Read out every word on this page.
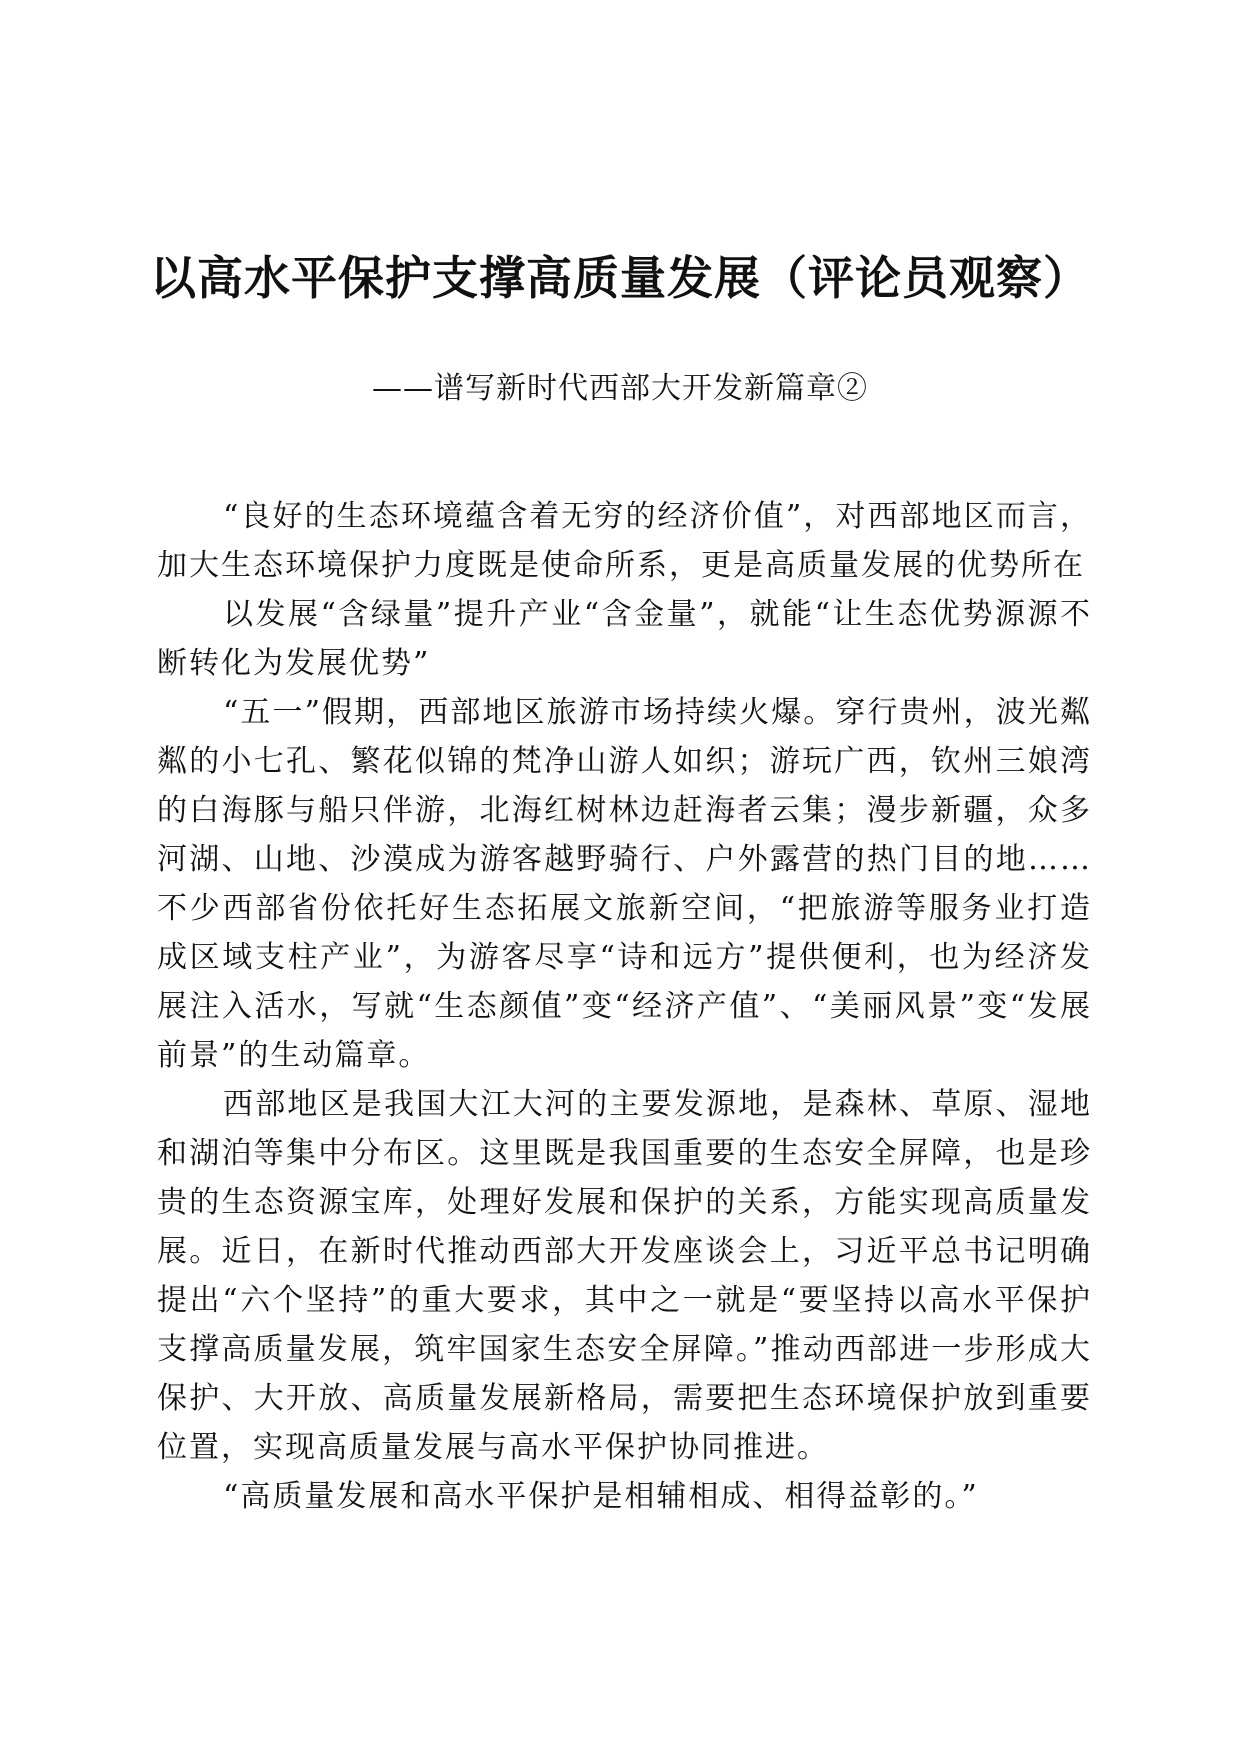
以高水平保护支撑高质量发展（评论员观察）
——谱写新时代西部大开发新篇章②

“良好的生态环境蕴含着无穷的经济价值”，对西部地区而言，加大生态环境保护力度既是使命所系，更是高质量发展的优势所在

以发展“含绿量”提升产业“含金量”，就能“让生态优势源源不断转化为发展优势”

“五一”假期，西部地区旅游市场持续火爆。穿行贵州，波光粼粼的小七孔、繁花似锦的梵净山游人如织；游玩广西，钦州三娘湾的白海豚与船只伴游，北海红树林边赶海者云集；漫步新疆，众多河湖、山地、沙漠成为游客越野骑行、户外露营的热门目的地……不少西部省份依托好生态拓展文旅新空间，“把旅游等服务业打造成区域支柱产业”，为游客尽享“诗和远方”提供便利，也为经济发展注入活水，写就“生态颜值”变“经济产值”、“美丽风景”变“发展前景”的生动篇章。

西部地区是我国大江大河的主要发源地，是森林、草原、湿地和湖泊等集中分布区。这里既是我国重要的生态安全屏障，也是珍贵的生态资源宝库，处理好发展和保护的关系，方能实现高质量发展。近日，在新时代推动西部大开发座谈会上，习近平总书记明确提出“六个坚持”的重大要求，其中之一就是“要坚持以高水平保护支撑高质量发展，筑牢国家生态安全屏障。”推动西部进一步形成大保护、大开放、高质量发展新格局，需要把生态环境保护放到重要位置，实现高质量发展与高水平保护协同推进。

“高质量发展和高水平保护是相辅相成、相得益彰的。”
